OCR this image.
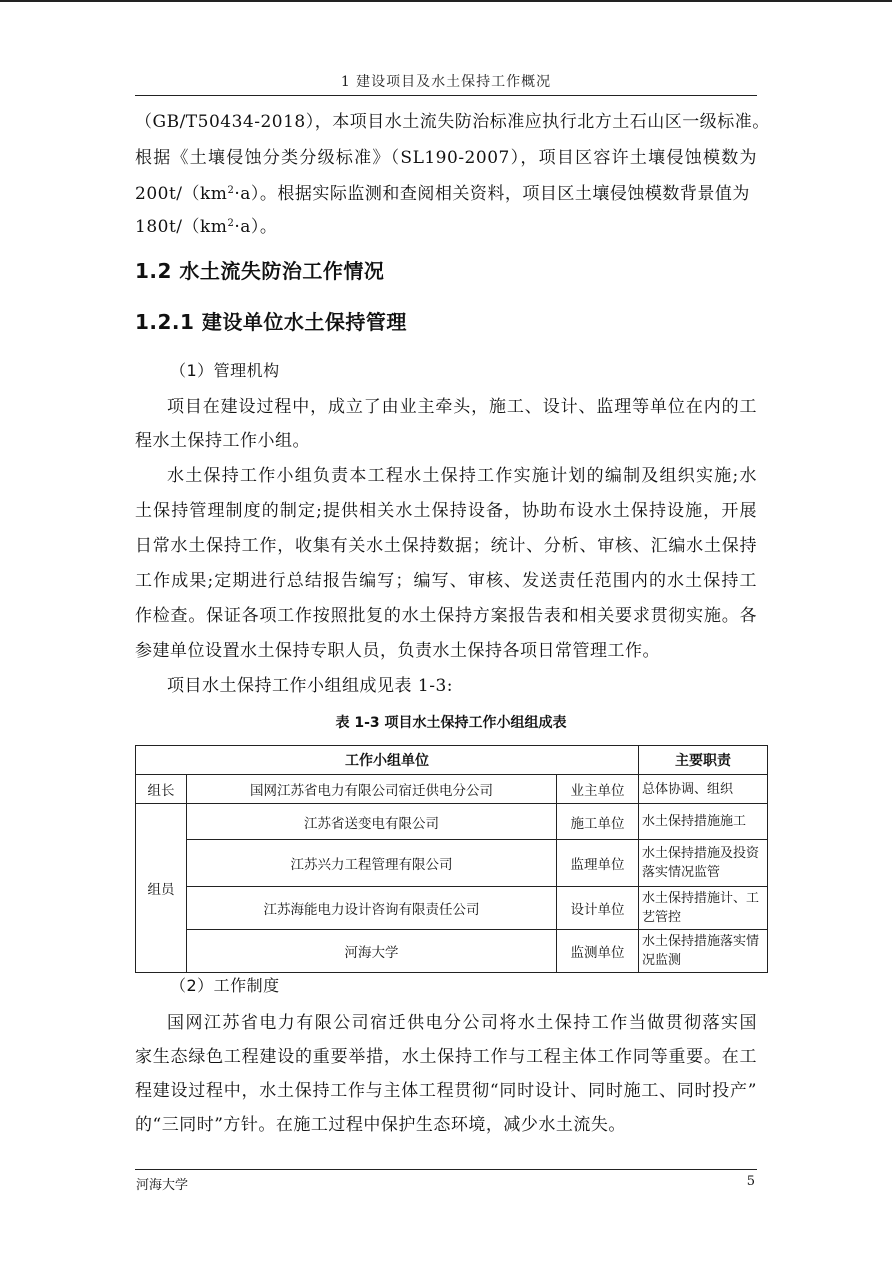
1 建设项目及水土保持工作概况
（GB/T50434-2018），本项目水土流失防治标准应执行北方土石山区一级标准。
根据《土壤侵蚀分类分级标准》（SL190-2007），项目区容许土壤侵蚀模数为
$200t/(km^2\cdot a)$。根据实际监测和查阅相关资料，项目区土壤侵蚀模数背景值为
$180t/(km^2\cdot a)$。
1.2 水土流失防治工作情况
1.2.1 建设单位水土保持管理
（1）管理机构
项目在建设过程中，成立了由业主牵头，施工、设计、监理等单位在内的工
程水土保持工作小组。
水土保持工作小组负责本工程水土保持工作实施计划的编制及组织实施;水
土保持管理制度的制定;提供相关水土保持设备，协助布设水土保持设施，开展
日常水土保持工作，收集有关水土保持数据；统计、分析、审核、汇编水土保持
工作成果;定期进行总结报告编写；编写、审核、发送责任范围内的水土保持工
作检查。保证各项工作按照批复的水土保持方案报告表和相关要求贯彻实施。各
参建单位设置水土保持专职人员，负责水土保持各项日常管理工作。
项目水土保持工作小组组成见表 1-3:
表 1-3 项目水土保持工作小组组成表
工作小组单位			主要职责
组长	国网江苏省电力有限公司宿迁供电分公司	业主单位	总体协调、组织
组员	江苏省送变电有限公司	施工单位	水土保持措施施工
	江苏兴力工程管理有限公司	监理单位	水土保持措施及投资落实情况监管
	江苏海能电力设计咨询有限责任公司	设计单位	水土保持措施计、工艺管控
	河海大学	监测单位	水土保持措施落实情况监测
（2）工作制度
国网江苏省电力有限公司宿迁供电分公司将水土保持工作当做贯彻落实国
家生态绿色工程建设的重要举措，水土保持工作与工程主体工作同等重要。在工
程建设过程中，水土保持工作与主体工程贯彻“同时设计、同时施工、同时投产”
的“三同时”方针。在施工过程中保护生态环境，减少水土流失。
河海大学	5
